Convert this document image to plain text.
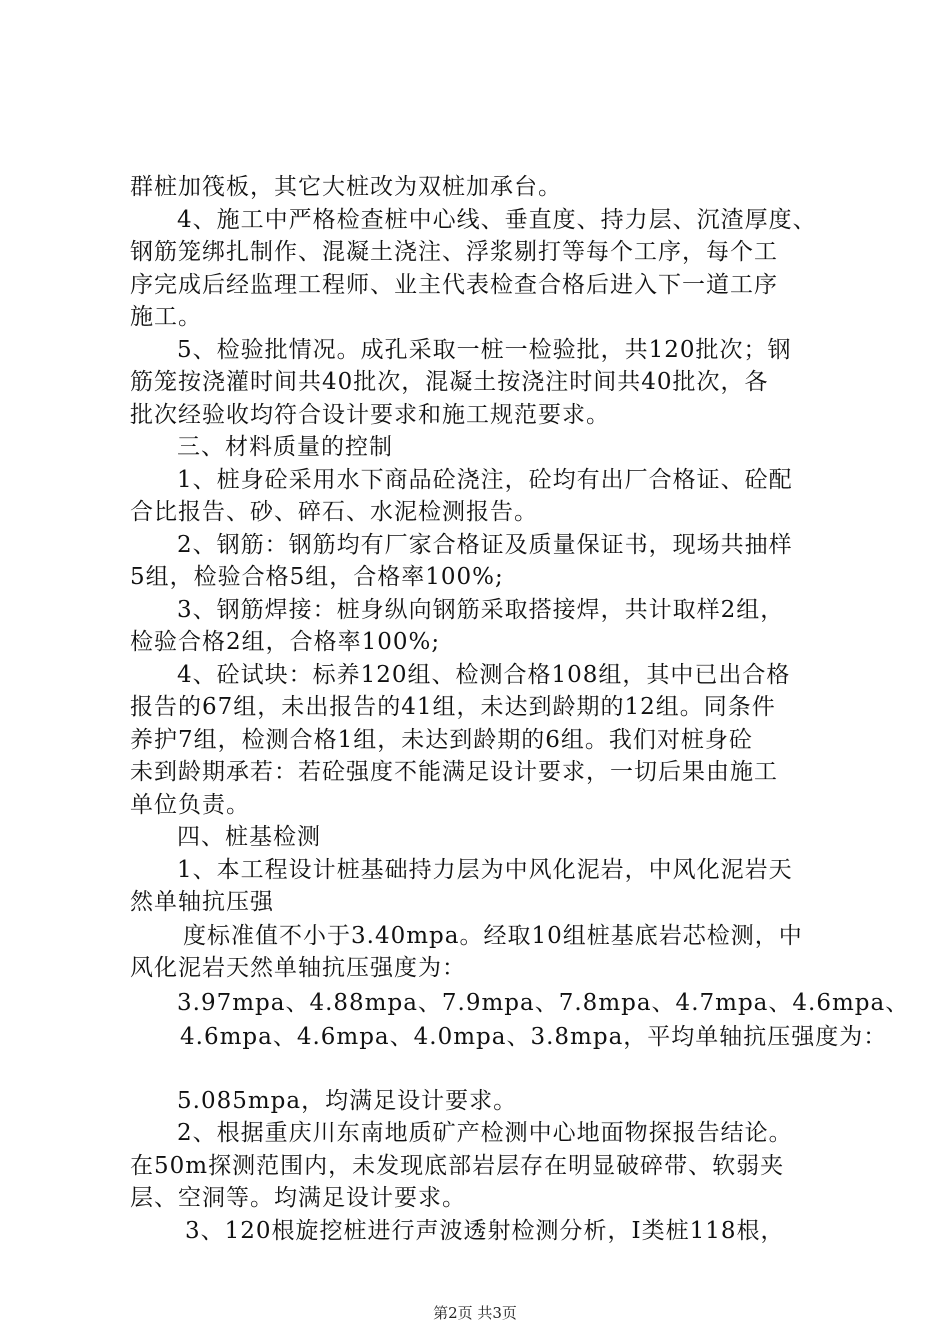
群桩加筏板，其它大桩改为双桩加承台。
4、施工中严格检查桩中心线、垂直度、持力层、沉渣厚度、
钢筋笼绑扎制作、混凝土浇注、浮浆剔打等每个工序，每个工
序完成后经监理工程师、业主代表检查合格后进入下一道工序
施工。
5、检验批情况。成孔采取一桩一检验批，共120批次；钢
筋笼按浇灌时间共40批次，混凝土按浇注时间共40批次，各
批次经验收均符合设计要求和施工规范要求。
三、材料质量的控制
1、桩身砼采用水下商品砼浇注，砼均有出厂合格证、砼配
合比报告、砂、碎石、水泥检测报告。
2、钢筋：钢筋均有厂家合格证及质量保证书，现场共抽样
5组，检验合格5组，合格率100%;
3、钢筋焊接：桩身纵向钢筋采取搭接焊，共计取样2组，
检验合格2组，合格率100%;
4、砼试块：标养120组、检测合格108组，其中已出合格
报告的67组，未出报告的41组，未达到龄期的12组。同条件
养护7组，检测合格1组，未达到龄期的6组。我们对桩身砼
未到龄期承若：若砼强度不能满足设计要求，一切后果由施工
单位负责。
四、桩基检测
1、本工程设计桩基础持力层为中风化泥岩，中风化泥岩天
然单轴抗压强
度标准值不小于3.40mpa。经取10组桩基底岩芯检测，中
风化泥岩天然单轴抗压强度为：
3.97mpa、4.88mpa、7.9mpa、7.8mpa、4.7mpa、4.6mpa、
4.6mpa、4.6mpa、4.0mpa、3.8mpa，平均单轴抗压强度为：
5.085mpa，均满足设计要求。
2、根据重庆川东南地质矿产检测中心地面物探报告结论。
在50m探测范围内，未发现底部岩层存在明显破碎带、软弱夹
层、空洞等。均满足设计要求。
3、120根旋挖桩进行声波透射检测分析，Ⅰ类桩118根，
第2页 共3页
